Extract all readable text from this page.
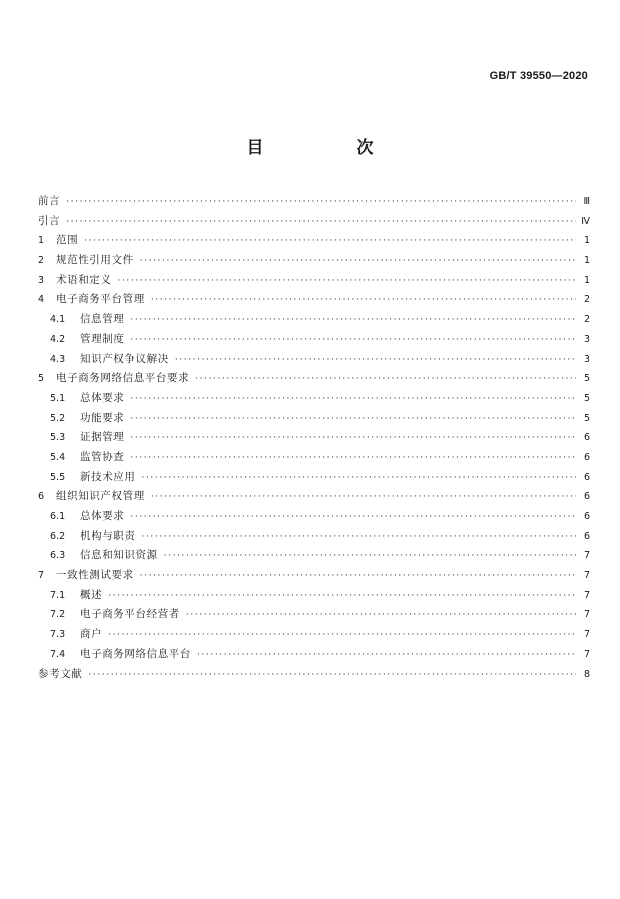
GB/T 39550—2020
目　次
前言 ·····	Ⅲ
引言 ·····	Ⅳ
1	范围 ·····	1
2	规范性引用文件 ·····	1
3	术语和定义 ·····	1
4	电子商务平台管理 ·····	2
4.1	信息管理 ·····	2
4.2	管理制度 ·····	3
4.3	知识产权争议解决 ·····	3
5	电子商务网络信息平台要求 ·····	5
5.1	总体要求 ·····	5
5.2	功能要求 ·····	5
5.3	证据管理 ·····	6
5.4	监管协查 ·····	6
5.5	新技术应用 ·····	6
6	组织知识产权管理 ·····	6
6.1	总体要求 ·····	6
6.2	机构与职责 ·····	6
6.3	信息和知识资源 ·····	7
7	一致性测试要求 ·····	7
7.1	概述 ·····	7
7.2	电子商务平台经营者 ·····	7
7.3	商户 ·····	7
7.4	电子商务网络信息平台 ·····	7
参考文献 ·····	8
